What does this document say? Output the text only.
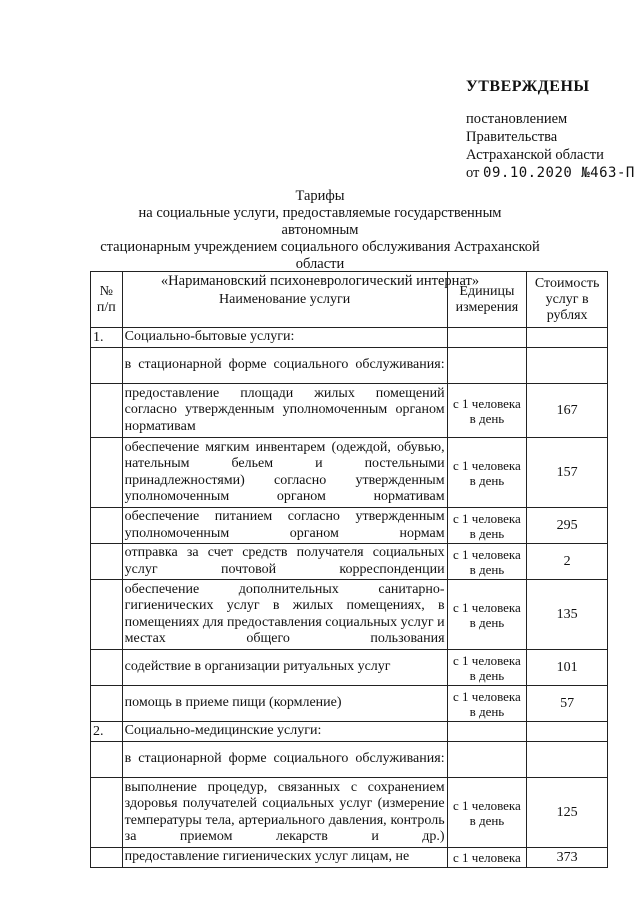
УТВЕРЖДЕНЫ
постановлением
Правительства
Астраханской области
от 09.10.2020 №463-П
Тарифы
на социальные услуги, предоставляемые государственным автономным
стационарным учреждением социального обслуживания Астраханской области
«Наримановский психоневрологический интернат»
№ п/п	Наименование услуги	Единицы измерения	Стоимость услуг в рублях
1.	Социально-бытовые услуги:		
	в стационарной форме социального обслуживания:		
	предоставление площади жилых помещений согласно утвержденным уполномоченным органом нормативам	с 1 человека в день	167
	обеспечение мягким инвентарем (одеждой, обувью, нательным бельем и постельными принадлежностями) согласно утвержденным уполномоченным органом нормативам	с 1 человека в день	157
	обеспечение питанием согласно утвержденным уполномоченным органом нормам	с 1 человека в день	295
	отправка за счет средств получателя социальных услуг почтовой корреспонденции	с 1 человека в день	2
	обеспечение дополнительных санитарно-гигиенических услуг в жилых помещениях, в помещениях для предоставления социальных услуг и местах общего пользования	с 1 человека в день	135
	содействие в организации ритуальных услуг	с 1 человека в день	101
	помощь в приеме пищи (кормление)	с 1 человека в день	57
2.	Социально-медицинские услуги:		
	в стационарной форме социального обслуживания:		
	выполнение процедур, связанных с сохранением здоровья получателей социальных услуг (измерение температуры тела, артериального давления, контроль за приемом лекарств и др.)	с 1 человека в день	125
	предоставление гигиенических услуг лицам, не	с 1 человека	373
